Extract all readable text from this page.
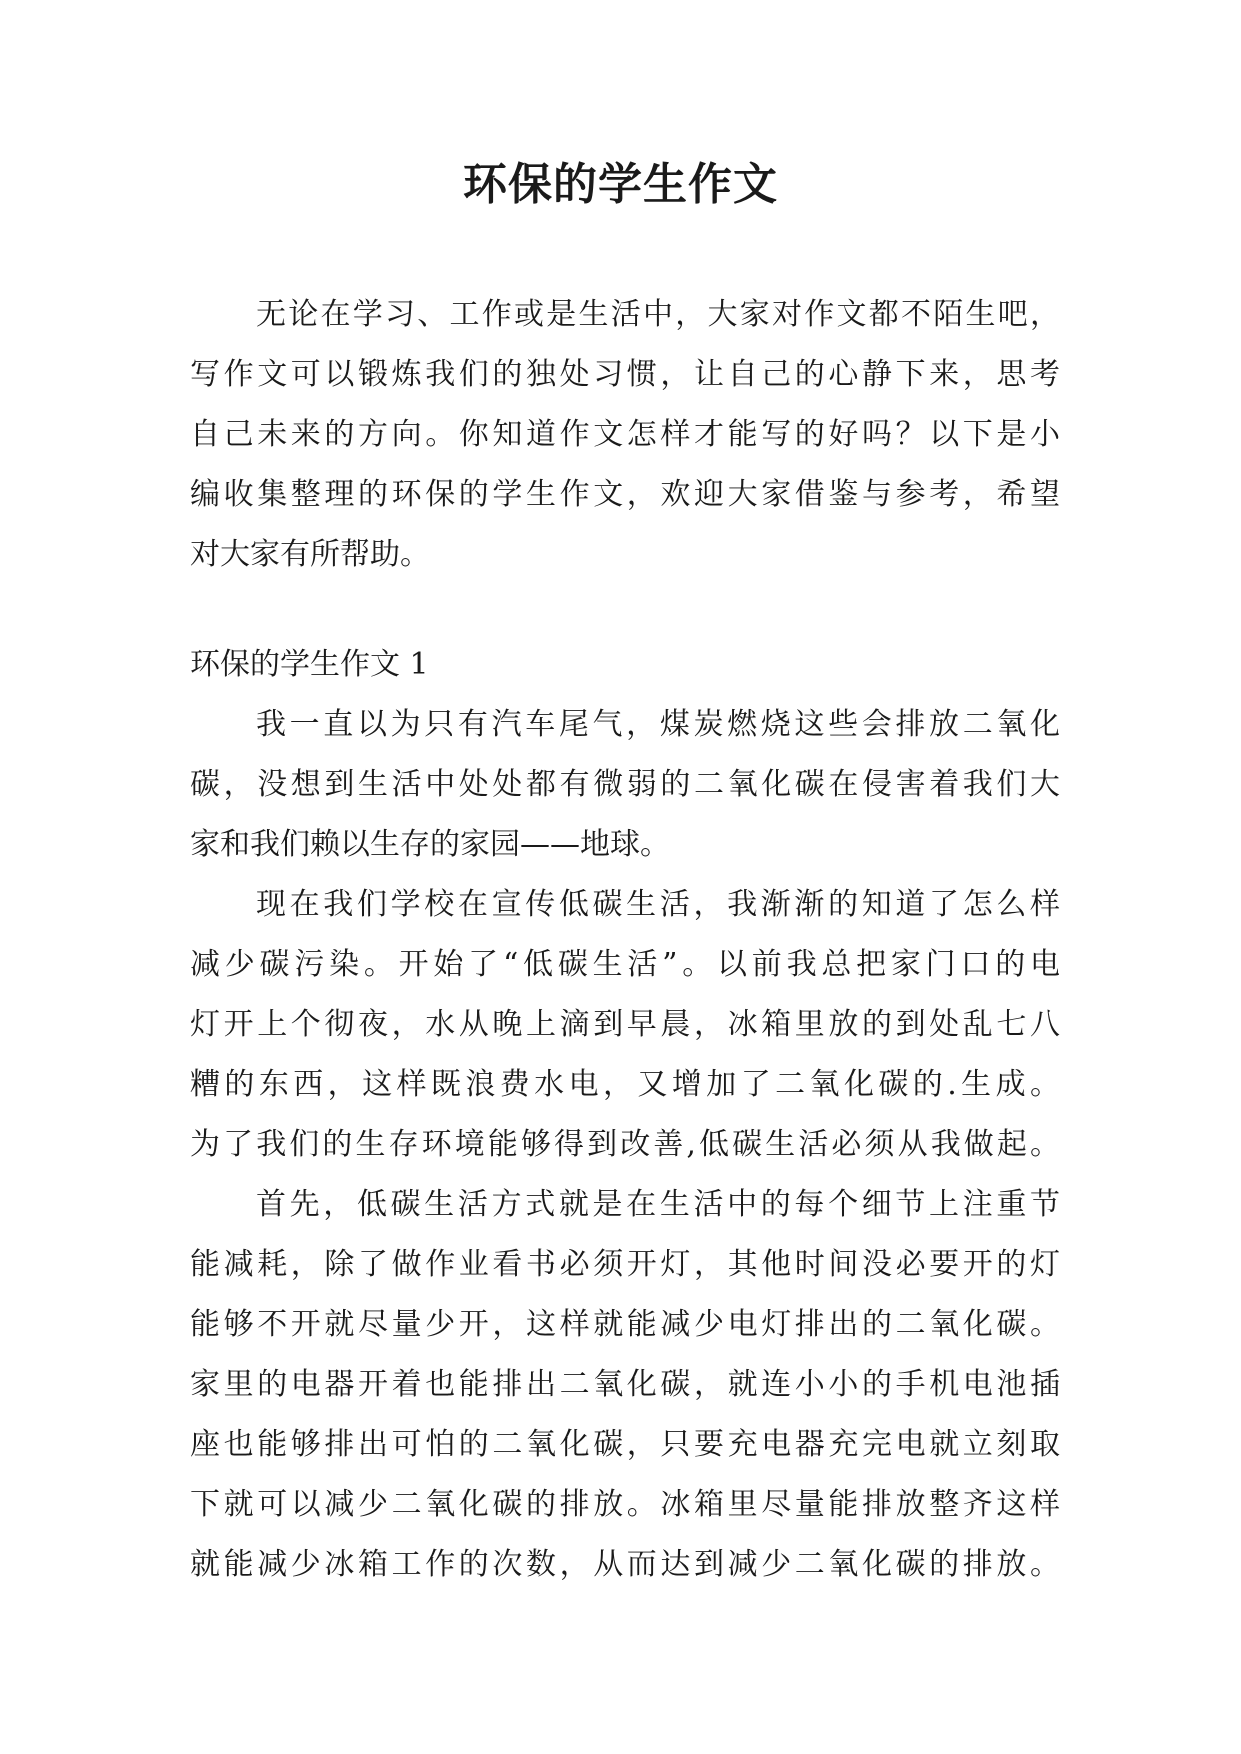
环保的学生作文
无论在学习、工作或是生活中，大家对作文都不陌生吧，
写作文可以锻炼我们的独处习惯，让自己的心静下来，思考
自己未来的方向。你知道作文怎样才能写的好吗？以下是小
编收集整理的环保的学生作文，欢迎大家借鉴与参考，希望
对大家有所帮助。
环保的学生作文 1
我一直以为只有汽车尾气，煤炭燃烧这些会排放二氧化
碳，没想到生活中处处都有微弱的二氧化碳在侵害着我们大
家和我们赖以生存的家园——地球。
现在我们学校在宣传低碳生活，我渐渐的知道了怎么样
减少碳污染。开始了“低碳生活”。以前我总把家门口的电
灯开上个彻夜，水从晚上滴到早晨，冰箱里放的到处乱七八
糟的东西，这样既浪费水电，又增加了二氧化碳的.生成。
为了我们的生存环境能够得到改善,低碳生活必须从我做起。
首先，低碳生活方式就是在生活中的每个细节上注重节
能减耗，除了做作业看书必须开灯，其他时间没必要开的灯
能够不开就尽量少开，这样就能减少电灯排出的二氧化碳。
家里的电器开着也能排出二氧化碳，就连小小的手机电池插
座也能够排出可怕的二氧化碳，只要充电器充完电就立刻取
下就可以减少二氧化碳的排放。冰箱里尽量能排放整齐这样
就能减少冰箱工作的次数，从而达到减少二氧化碳的排放。
